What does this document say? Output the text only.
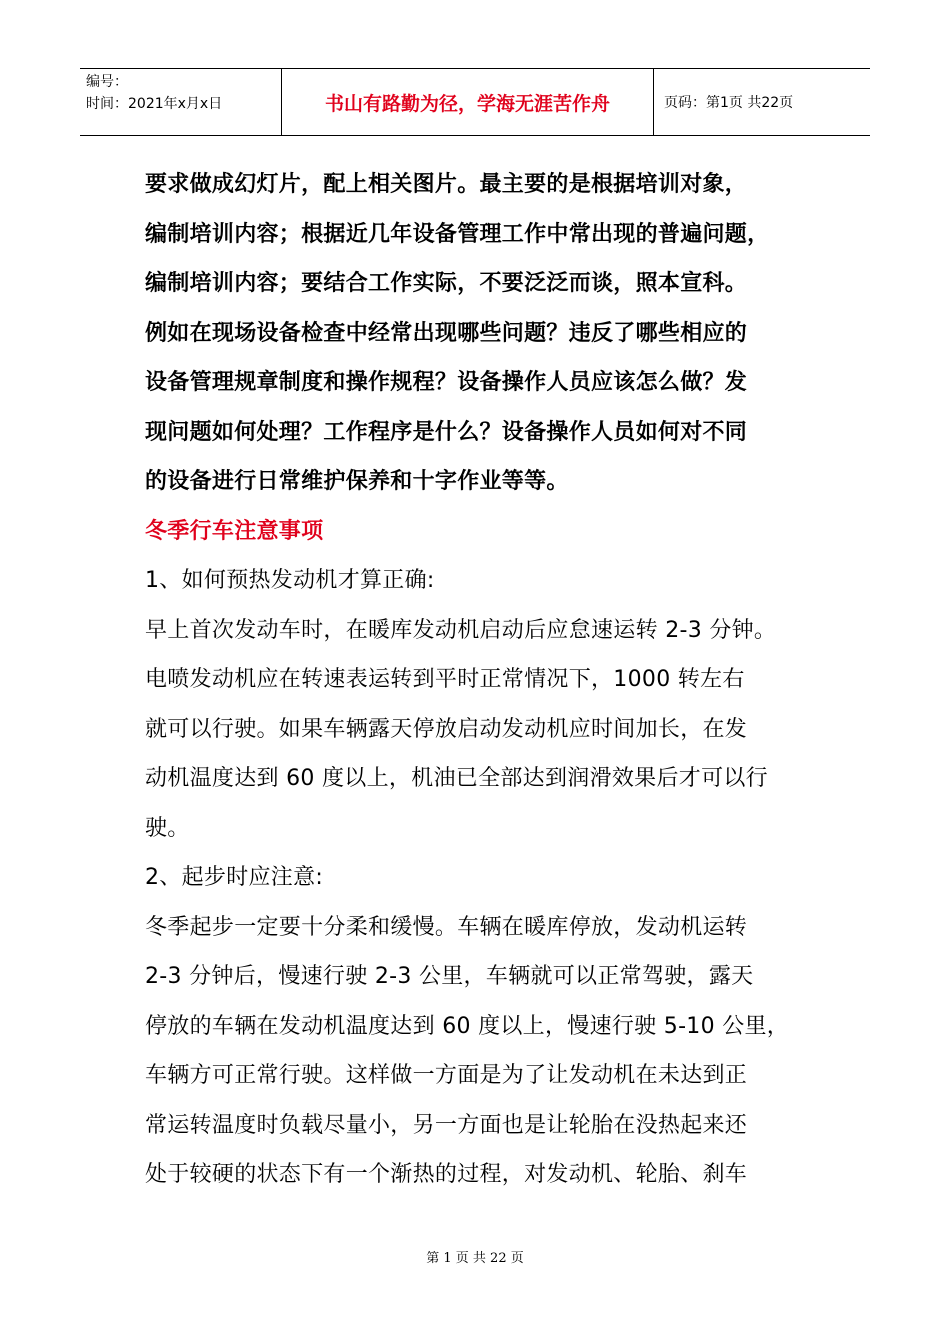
编号：
时间：2021年x月x日	书山有路勤为径，学海无涯苦作舟	页码：第1页 共22页

要求做成幻灯片，配上相关图片。最主要的是根据培训对象，

编制培训内容；根据近几年设备管理工作中常出现的普遍问题，

编制培训内容；要结合工作实际，不要泛泛而谈，照本宣科。

例如在现场设备检查中经常出现哪些问题？违反了哪些相应的

设备管理规章制度和操作规程？设备操作人员应该怎么做？发

现问题如何处理？工作程序是什么？设备操作人员如何对不同

的设备进行日常维护保养和十字作业等等。

冬季行车注意事项

1、如何预热发动机才算正确:

早上首次发动车时，在暖库发动机启动后应怠速运转 2-3 分钟。

电喷发动机应在转速表运转到平时正常情况下，1000 转左右

就可以行驶。如果车辆露天停放启动发动机应时间加长，在发

动机温度达到 60 度以上，机油已全部达到润滑效果后才可以行

驶。

2、起步时应注意:

冬季起步一定要十分柔和缓慢。车辆在暖库停放，发动机运转

2-3 分钟后，慢速行驶 2-3 公里，车辆就可以正常驾驶，露天

停放的车辆在发动机温度达到 60 度以上，慢速行驶 5-10 公里，

车辆方可正常行驶。这样做一方面是为了让发动机在未达到正

常运转温度时负载尽量小，另一方面也是让轮胎在没热起来还

处于较硬的状态下有一个渐热的过程，对发动机、轮胎、刹车

第 1 页 共 22 页
